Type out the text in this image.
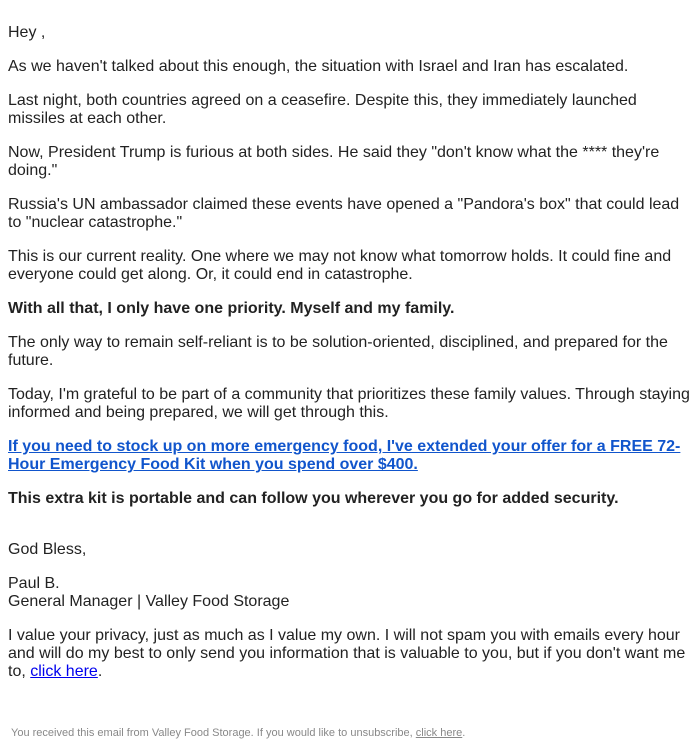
Hey ,

As we haven't talked about this enough, the situation with Israel and Iran has escalated.

Last night, both countries agreed on a ceasefire. Despite this, they immediately launched missiles at each other.

Now, President Trump is furious at both sides. He said they "don't know what the **** they're doing."

Russia's UN ambassador claimed these events have opened a "Pandora's box" that could lead to "nuclear catastrophe."

This is our current reality. One where we may not know what tomorrow holds. It could fine and everyone could get along. Or, it could end in catastrophe.

With all that, I only have one priority. Myself and my family.

The only way to remain self-reliant is to be solution-oriented, disciplined, and prepared for the future.

Today, I'm grateful to be part of a community that prioritizes these family values. Through staying informed and being prepared, we will get through this.

If you need to stock up on more emergency food, I've extended your offer for a FREE 72-Hour Emergency Food Kit when you spend over $400.

This extra kit is portable and can follow you wherever you go for added security.

God Bless,

Paul B.
General Manager | Valley Food Storage

I value your privacy, just as much as I value my own. I will not spam you with emails every hour and will do my best to only send you information that is valuable to you, but if you don't want me to, click here.

You received this email from Valley Food Storage. If you would like to unsubscribe, click here.
